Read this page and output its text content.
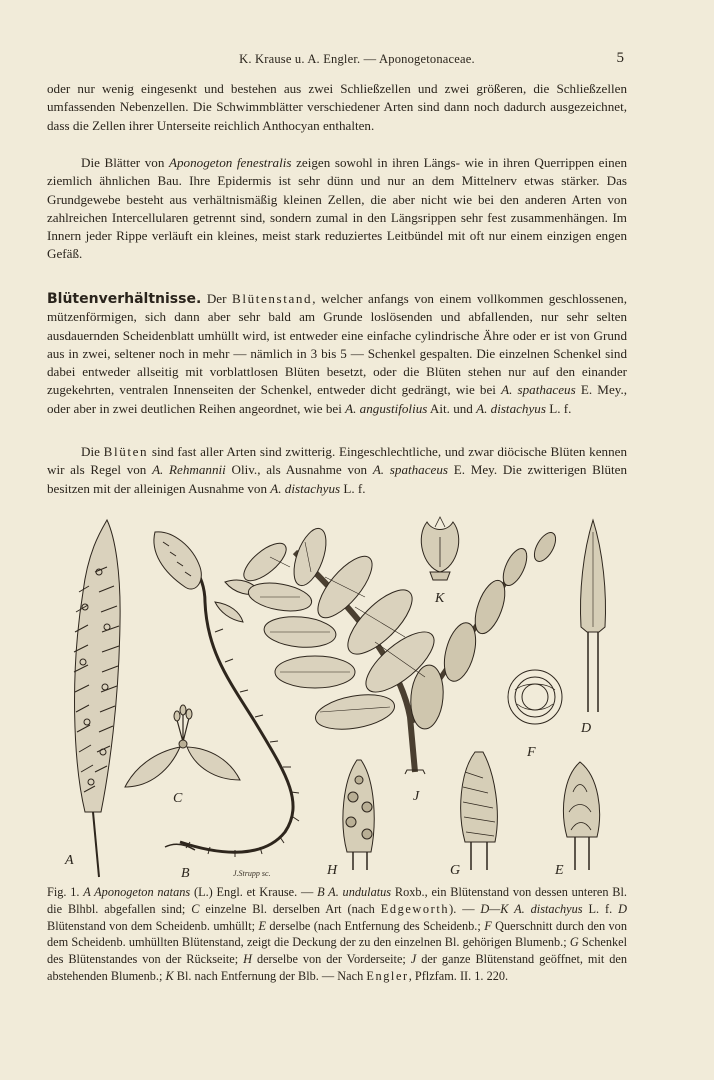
K. Krause u. A. Engler. — Aponogetonaceae.	5

oder nur wenig eingesenkt und bestehen aus zwei Schließzellen und zwei größeren, die Schließzellen umfassenden Nebenzellen. Die Schwimmblätter verschiedener Arten sind dann noch dadurch ausgezeichnet, dass die Zellen ihrer Unterseite reichlich Anthocyan enthalten.

Die Blätter von Aponogeton fenestralis zeigen sowohl in ihren Längs- wie in ihren Querrippen einen ziemlich ähnlichen Bau. Ihre Epidermis ist sehr dünn und nur an dem Mittelnerv etwas stärker. Das Grundgewebe besteht aus verhältnismäßig kleinen Zellen, die aber nicht wie bei den anderen Arten von zahlreichen Intercellularen getrennt sind, sondern zumal in den Längsrippen sehr fest zusammenhängen. Im Innern jeder Rippe verläuft ein kleines, meist stark reduziertes Leitbündel mit oft nur einem einzigen engen Gefäß.

Blütenverhältnisse. Der Blütenstand, welcher anfangs von einem vollkommen geschlossenen, mützenförmigen, sich dann aber sehr bald am Grunde loslösenden und abfallenden, nur sehr selten ausdauernden Scheidenblatt umhüllt wird, ist entweder eine einfache cylindrische Ähre oder er ist von Grund aus in zwei, seltener noch in mehr — nämlich in 3 bis 5 — Schenkel gespalten. Die einzelnen Schenkel sind dabei entweder allseitig mit vorblattlosen Blüten besetzt, oder die Blüten stehen nur auf den einander zugekehrten, ventralen Innenseiten der Schenkel, entweder dicht gedrängt, wie bei A. spathaceus E. Mey., oder aber in zwei deutlichen Reihen angeordnet, wie bei A. angustifolius Ait. und A. distachyus L. f.

Die Blüten sind fast aller Arten sind zwitterig. Eingeschlechtliche, und zwar diöcische Blüten kennen wir als Regel von A. Rehmannii Oliv., als Ausnahme von A. spathaceus E. Mey. Die zwitterigen Blüten besitzen mit der alleinigen Ausnahme von A. distachyus L. f.

A
B
C
D
E
F
G
H
J
K
J.Strupp sc.

Fig. 1. A Aponogeton natans (L.) Engl. et Krause. — B A. undulatus Roxb., ein Blütenstand von dessen unteren Bl. die Blhbl. abgefallen sind; C einzelne Bl. derselben Art (nach Edgeworth). — D—K A. distachyus L. f. D Blütenstand von dem Scheidenb. umhüllt; E derselbe (nach Entfernung des Scheidenb.; F Querschnitt durch den von dem Scheidenb. umhüllten Blütenstand, zeigt die Deckung der zu den einzelnen Bl. gehörigen Blumenb.; G Schenkel des Blütenstandes von der Rückseite; H derselbe von der Vorderseite; J der ganze Blütenstand geöffnet, mit den abstehenden Blumenb.; K Bl. nach Entfernung der Blb. — Nach Engler, Pflzfam. II. 1. 220.
